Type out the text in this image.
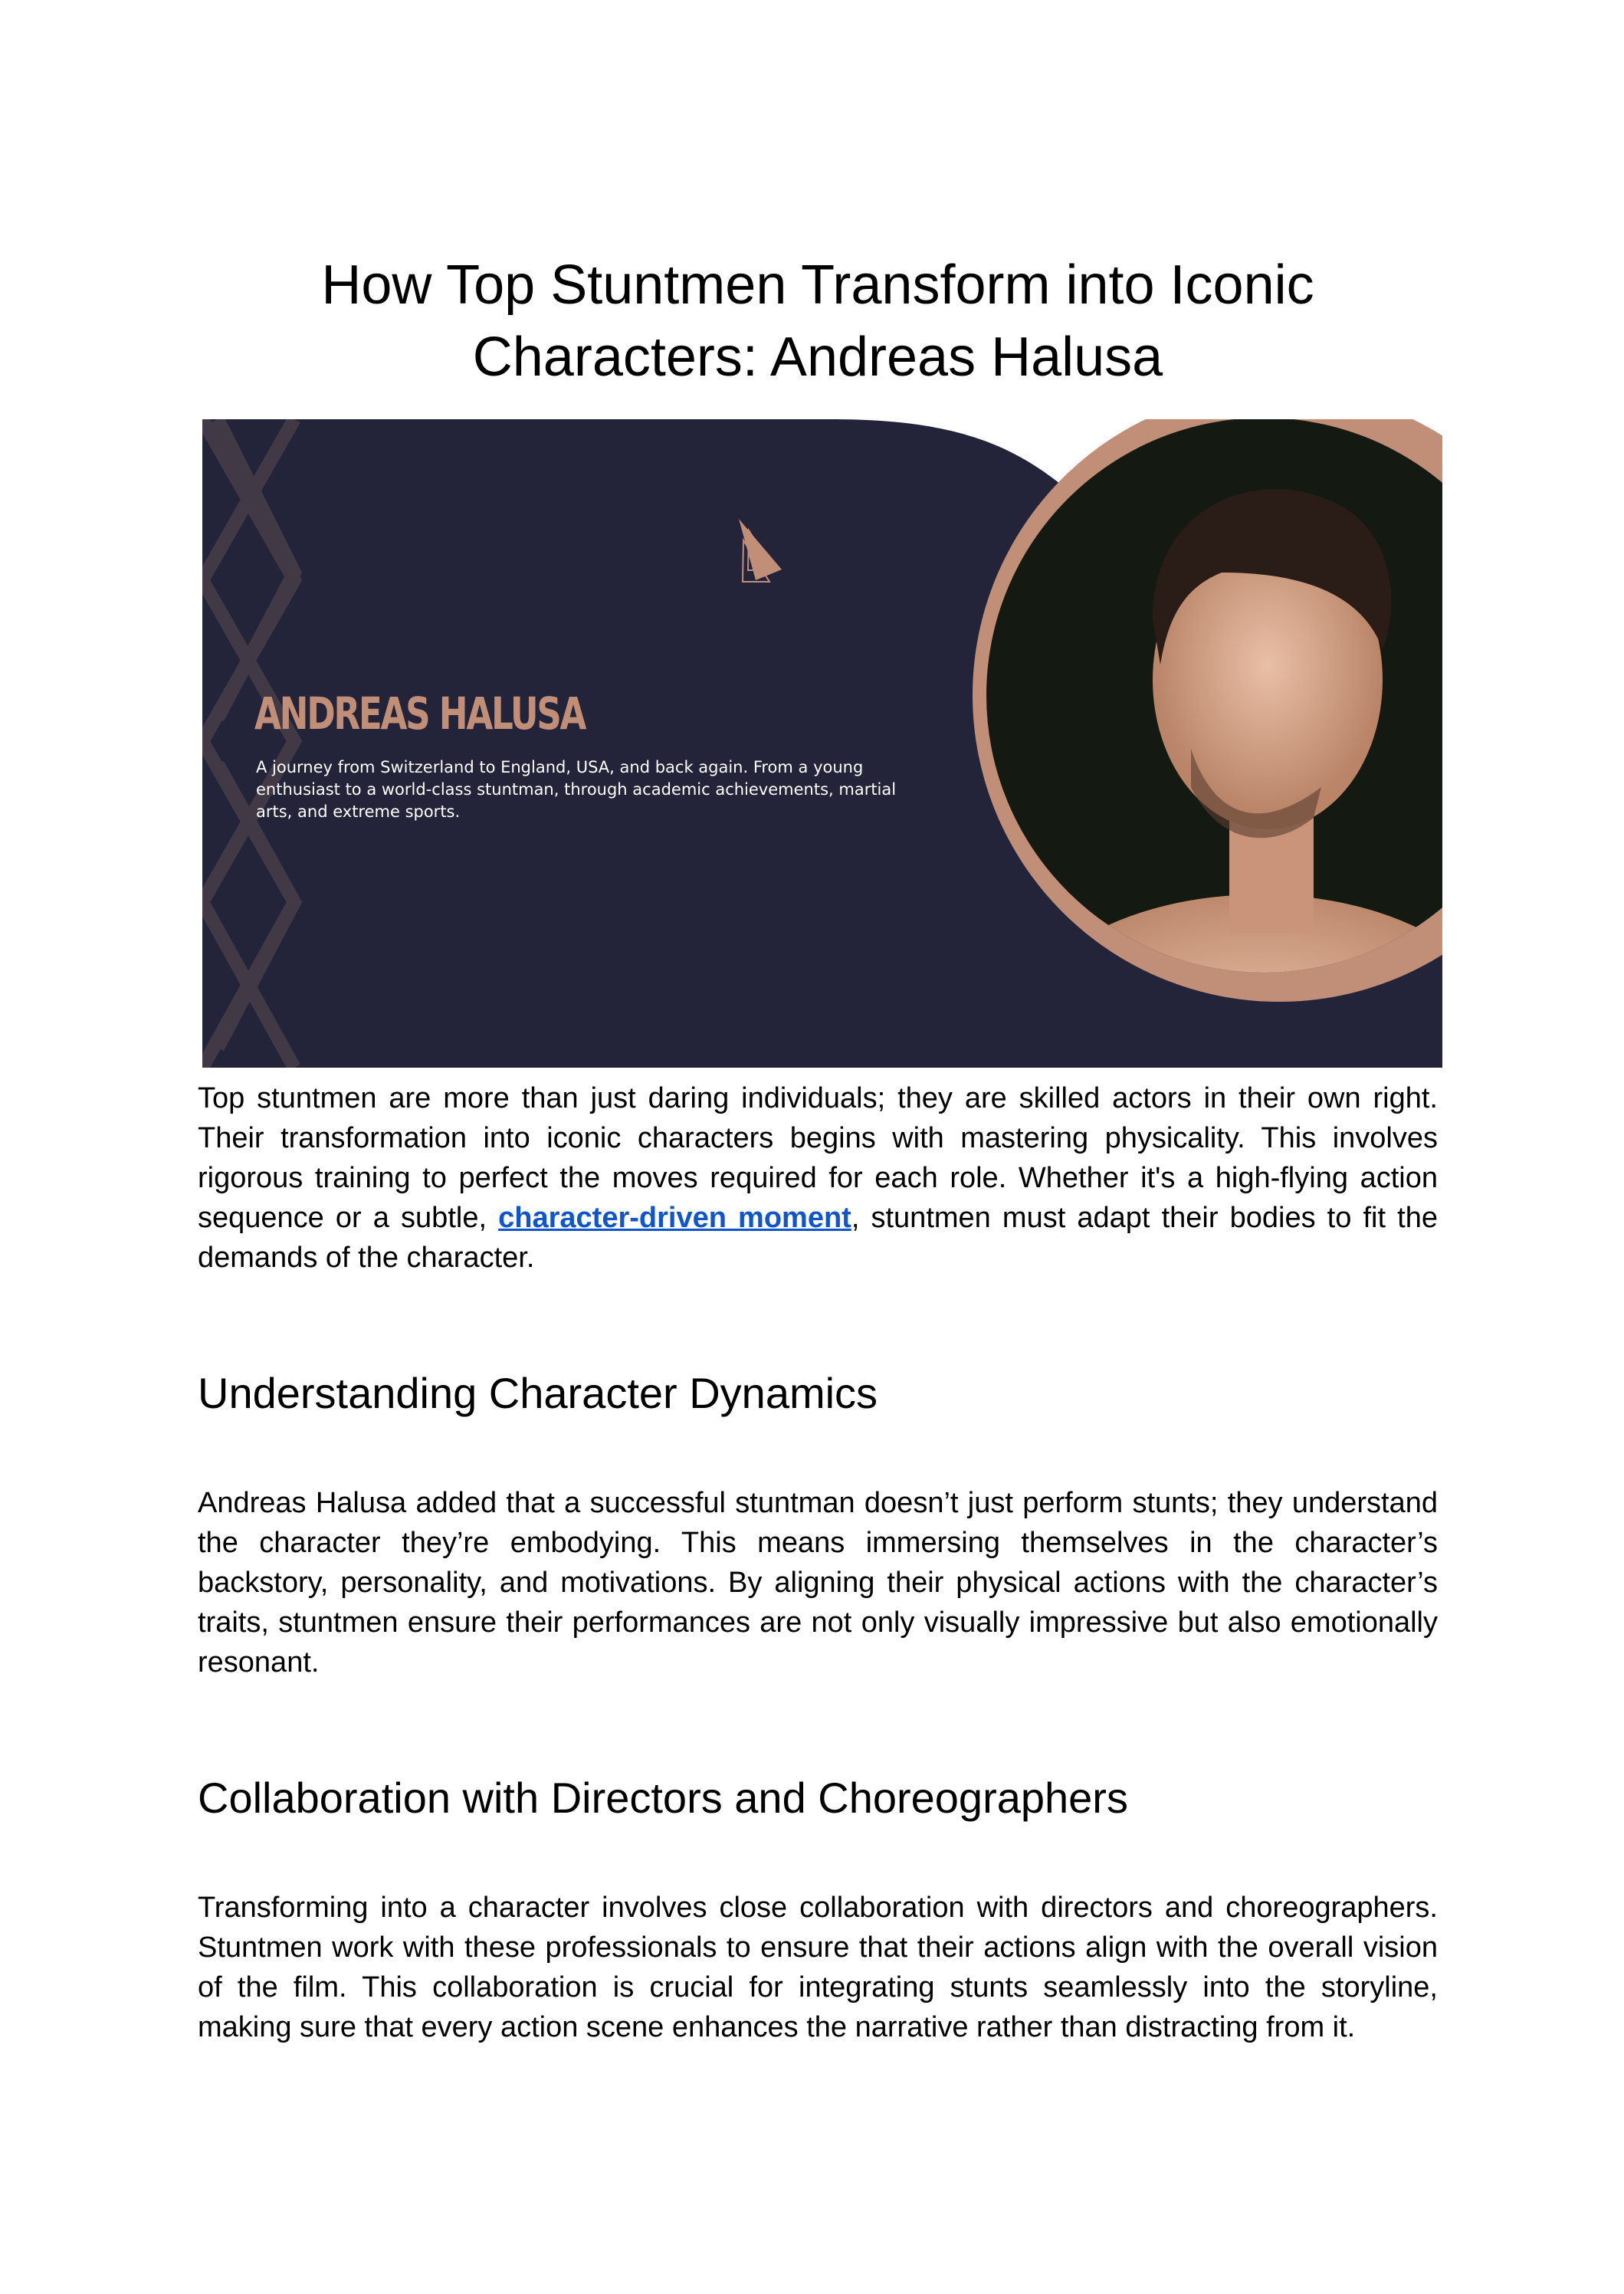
How Top Stuntmen Transform into Iconic
Characters: Andreas Halusa
ANDREAS HALUSA
A journey from Switzerland to England, USA, and back again. From a young enthusiast to a world-class stuntman, through academic achievements, martial arts, and extreme sports.

Top stuntmen are more than just daring individuals; they are skilled actors in their own right. Their transformation into iconic characters begins with mastering physicality. This involves rigorous training to perfect the moves required for each role. Whether it's a high-flying action sequence or a subtle, character-driven moment, stuntmen must adapt their bodies to fit the demands of the character.

Understanding Character Dynamics

Andreas Halusa added that a successful stuntman doesn’t just perform stunts; they understand the character they’re embodying. This means immersing themselves in the character’s backstory, personality, and motivations. By aligning their physical actions with the character’s traits, stuntmen ensure their performances are not only visually impressive but also emotionally resonant.

Collaboration with Directors and Choreographers

Transforming into a character involves close collaboration with directors and choreographers. Stuntmen work with these professionals to ensure that their actions align with the overall vision of the film. This collaboration is crucial for integrating stunts seamlessly into the storyline, making sure that every action scene enhances the narrative rather than distracting from it.
